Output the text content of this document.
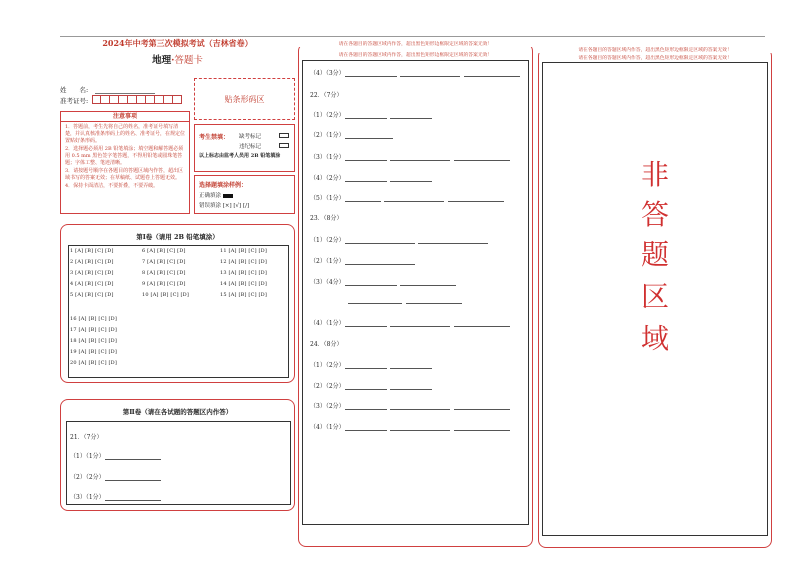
2024年中考第三次模拟考试（吉林省卷）
地理·答题卡
姓　　名:
准考证号:	贴条形码区
注意事项
1．答题前，考生先将自己的姓名，准考证号填写清楚，并认真核准条形码上的姓名、准考证号，在规定位置贴好条形码。
2．选择题必须用 2B 铅笔填涂；填空题和解答题必须用 0.5 mm 黑色签字笔答题，不得用铅笔或圆珠笔答题；字体工整、笔迹清晰。
3．请按题号顺序在各题目的答题区域内作答，超出区域书写的答案无效；在草稿纸、试题卷上答题无效。
4．保持卡面清洁，不要折叠，不要弄破。
考生禁填： 缺考标记
违纪标记
以上标志由监考人员用 2B 铅笔填涂
选择题填涂样例：
正确填涂
错误填涂 [×] [√] [/]
第Ⅰ卷（请用 2B 铅笔填涂）
1 [A] [B] [C] [D]
2 [A] [B] [C] [D]
3 [A] [B] [C] [D]
4 [A] [B] [C] [D]
5 [A] [B] [C] [D]
6 [A] [B] [C] [D]
7 [A] [B] [C] [D]
8 [A] [B] [C] [D]
9 [A] [B] [C] [D]
10 [A] [B] [C] [D]
11 [A] [B] [C] [D]
12 [A] [B] [C] [D]
13 [A] [B] [C] [D]
14 [A] [B] [C] [D]
15 [A] [B] [C] [D]
16 [A] [B] [C] [D]
17 [A] [B] [C] [D]
18 [A] [B] [C] [D]
19 [A] [B] [C] [D]
20 [A] [B] [C] [D]
第Ⅱ卷（请在各试题的答题区内作答）
21．（7分）
（1）（1分）
（2）（2分）
（3）（1分）
请在各题目的答题区域内作答，超出黑色矩形边框限定区域的答案无效！
请在各题目的答题区域内作答，超出黑色矩形边框限定区域的答案无效！
（4）（3分）
22．（7分）
（1）（2分）
（2）（1分）
（3）（1分）
（4）（2分）
（5）（1分）
23．（8分）
（1）（2分）
（2）（1分）
（3）（4分）

（4）（1分）
24．（8分）
（1）（2分）
（2）（2分）
（3）（2分）
（4）（1分）
请在各题目的答题区域内作答，超出黑色矩形边框限定区域的答案无效！
请在各题目的答题区域内作答，超出黑色矩形边框限定区域的答案无效！
非
答
题
区
域
